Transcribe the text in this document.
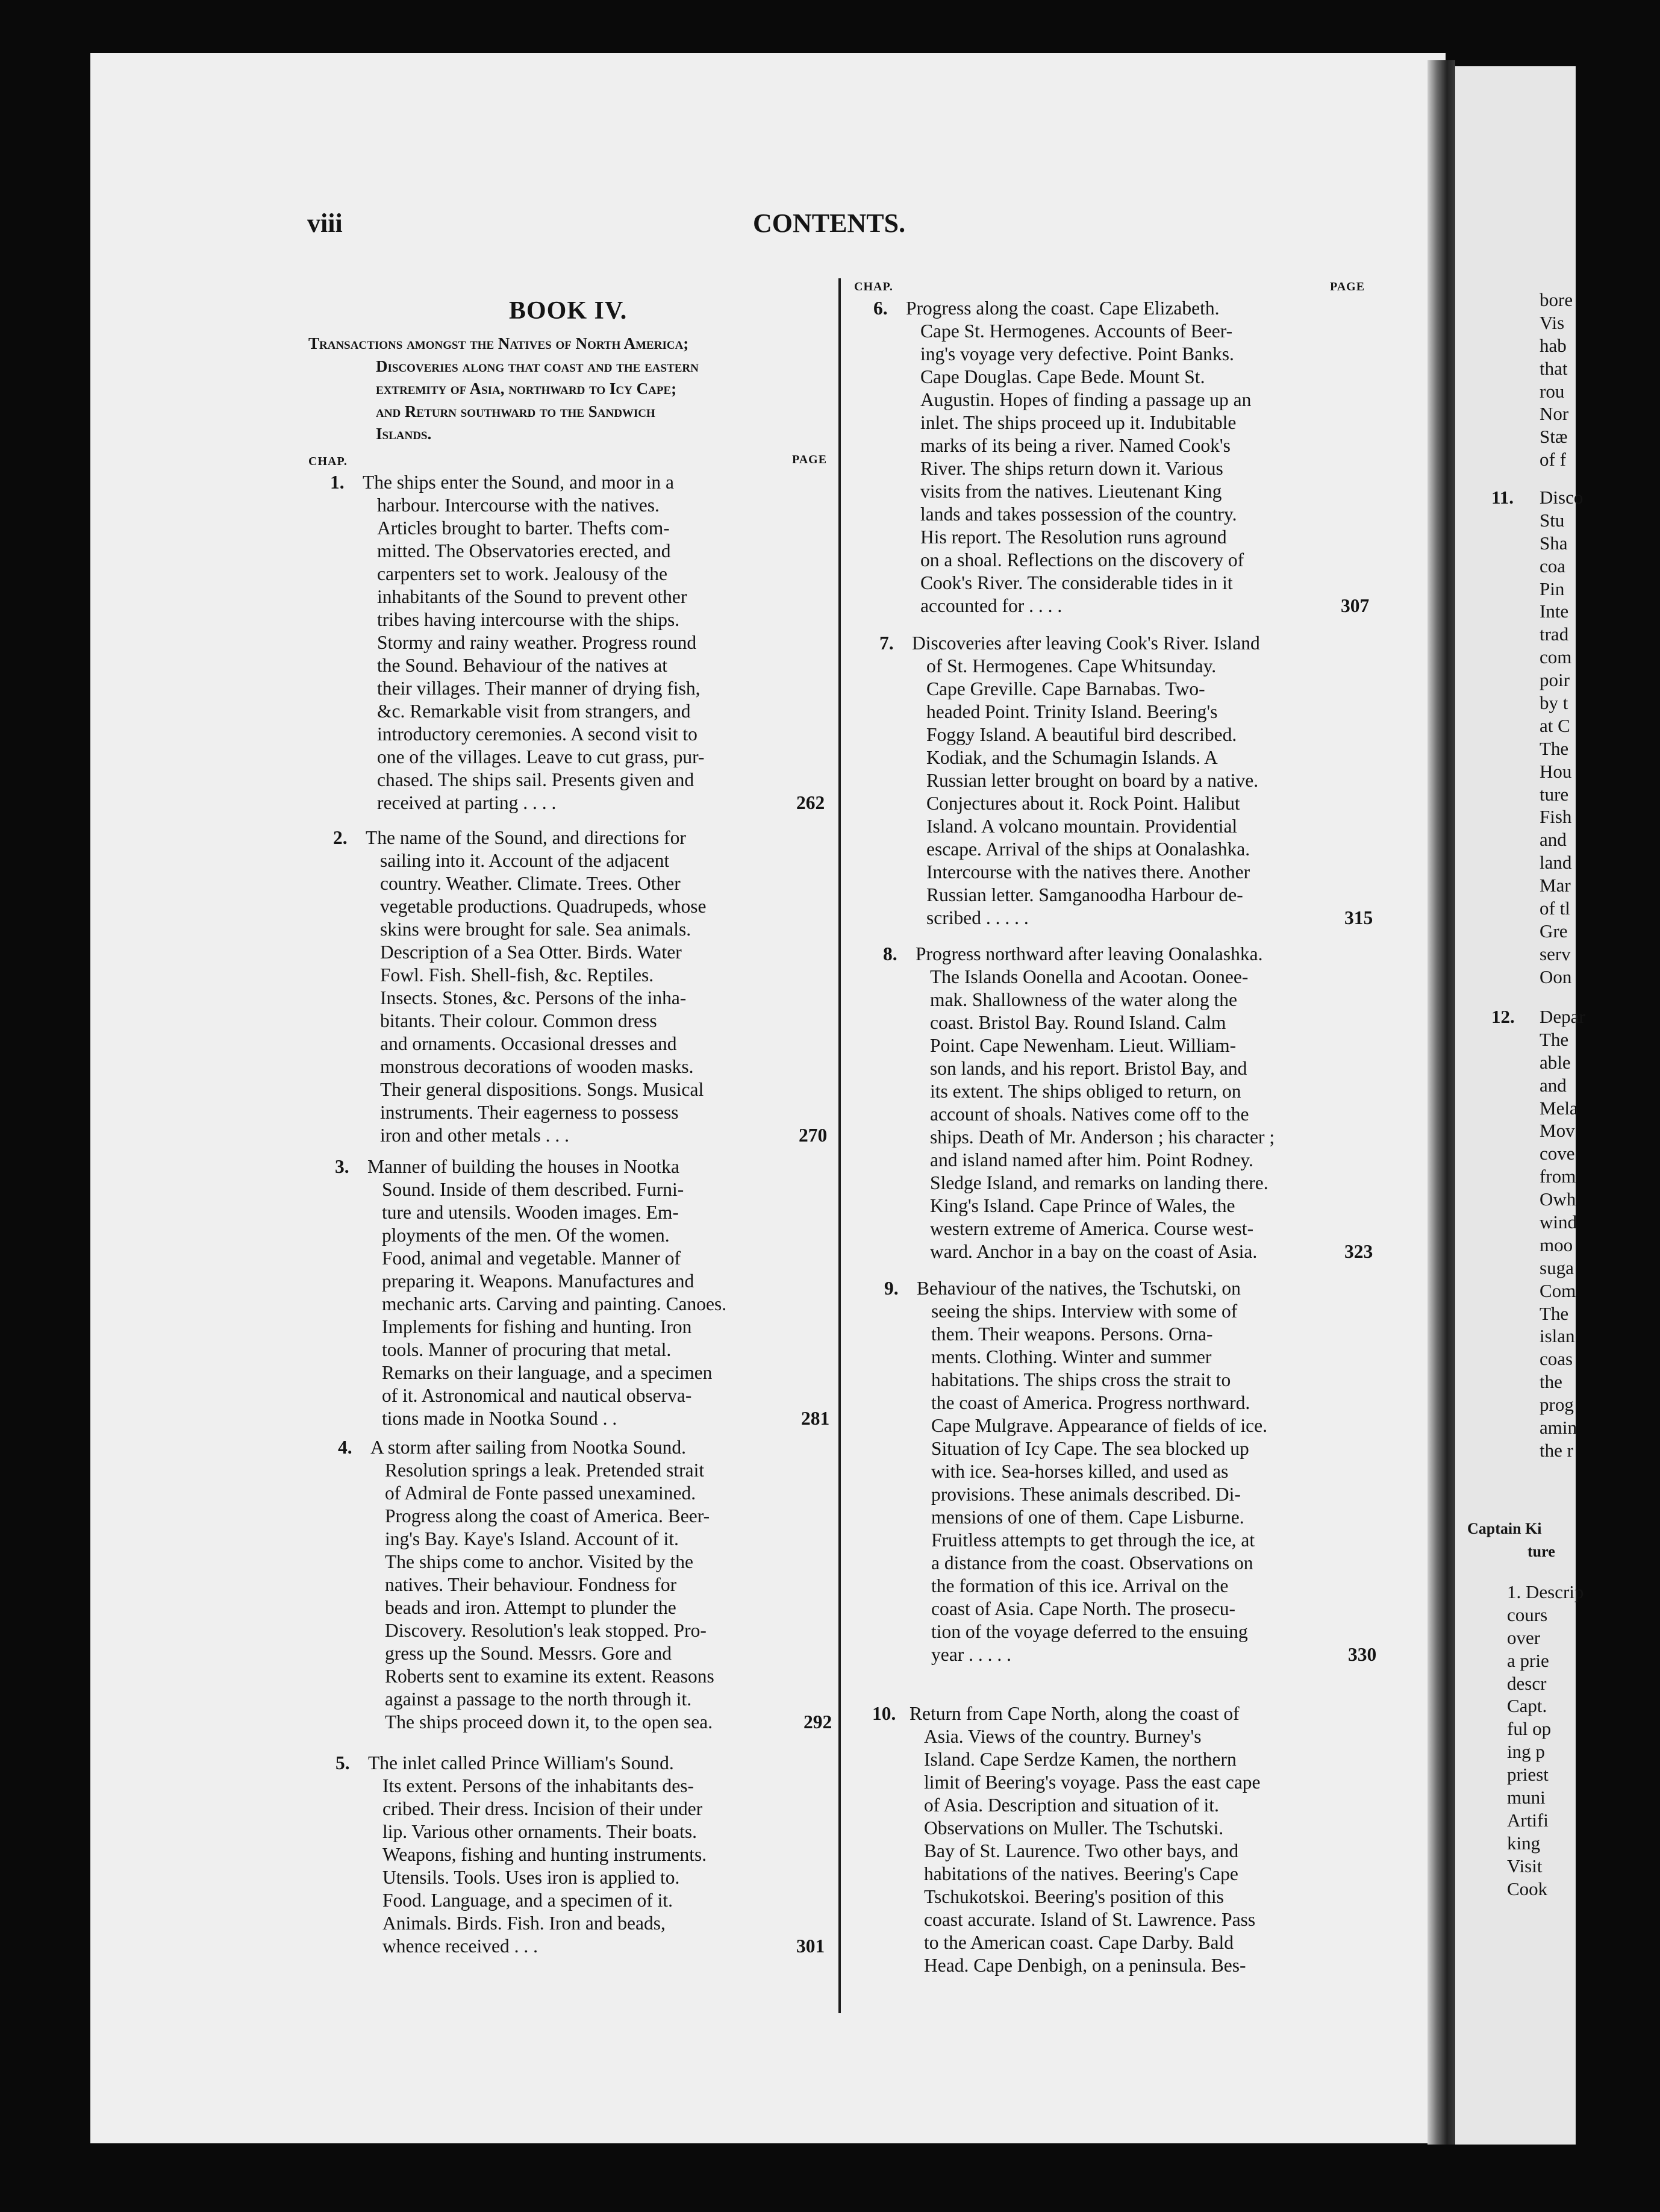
bore
Vis
hab
that
rou
Nor
Stæ
of f
11.	Disco
Stu
Sha
coa
Pin
Inte
trad
com
poir
by t
at C
The
Hou
ture
Fish
and
land
Mar
of tl
Gre
serv
Oon
12.	Depar
The
able
and
Mela
Mov
cove
from
Owh
wind
moo
suga
Com
The
islan
coas
the
prog
amin
the r
Captain Ki
ture
1. Descrip
cours
over
a prie
descr
Capt.
ful op
ing p
priest
muni
Artifi
king
Visit
Cook
viii	CONTENTS.
BOOK IV.
Transactions amongst the Natives of North America;
Discoveries along that coast and the eastern
extremity of Asia, northward to Icy Cape;
and Return southward to the Sandwich
Islands.
CHAP.	PAGE
CHAP.	PAGE
1. The ships enter the Sound, and moor in a
harbour. Intercourse with the natives.
Articles brought to barter. Thefts com-
mitted. The Observatories erected, and
carpenters set to work. Jealousy of the
inhabitants of the Sound to prevent other
tribes having intercourse with the ships.
Stormy and rainy weather. Progress round
the Sound. Behaviour of the natives at
their villages. Their manner of drying fish,
&c. Remarkable visit from strangers, and
introductory ceremonies. A second visit to
one of the villages. Leave to cut grass, pur-
chased. The ships sail. Presents given and
received at parting . . . .	262
2. The name of the Sound, and directions for
sailing into it. Account of the adjacent
country. Weather. Climate. Trees. Other
vegetable productions. Quadrupeds, whose
skins were brought for sale. Sea animals.
Description of a Sea Otter. Birds. Water
Fowl. Fish. Shell-fish, &c. Reptiles.
Insects. Stones, &c. Persons of the inha-
bitants. Their colour. Common dress
and ornaments. Occasional dresses and
monstrous decorations of wooden masks.
Their general dispositions. Songs. Musical
instruments. Their eagerness to possess
iron and other metals . . .	270
3. Manner of building the houses in Nootka
Sound. Inside of them described. Furni-
ture and utensils. Wooden images. Em-
ployments of the men. Of the women.
Food, animal and vegetable. Manner of
preparing it. Weapons. Manufactures and
mechanic arts. Carving and painting. Canoes.
Implements for fishing and hunting. Iron
tools. Manner of procuring that metal.
Remarks on their language, and a specimen
of it. Astronomical and nautical observa-
tions made in Nootka Sound . .	281
4. A storm after sailing from Nootka Sound.
Resolution springs a leak. Pretended strait
of Admiral de Fonte passed unexamined.
Progress along the coast of America. Beer-
ing's Bay. Kaye's Island. Account of it.
The ships come to anchor. Visited by the
natives. Their behaviour. Fondness for
beads and iron. Attempt to plunder the
Discovery. Resolution's leak stopped. Pro-
gress up the Sound. Messrs. Gore and
Roberts sent to examine its extent. Reasons
against a passage to the north through it.
The ships proceed down it, to the open sea.	292
5. The inlet called Prince William's Sound.
Its extent. Persons of the inhabitants des-
cribed. Their dress. Incision of their under
lip. Various other ornaments. Their boats.
Weapons, fishing and hunting instruments.
Utensils. Tools. Uses iron is applied to.
Food. Language, and a specimen of it.
Animals. Birds. Fish. Iron and beads,
whence received . . .	301
6. Progress along the coast. Cape Elizabeth.
Cape St. Hermogenes. Accounts of Beer-
ing's voyage very defective. Point Banks.
Cape Douglas. Cape Bede. Mount St.
Augustin. Hopes of finding a passage up an
inlet. The ships proceed up it. Indubitable
marks of its being a river. Named Cook's
River. The ships return down it. Various
visits from the natives. Lieutenant King
lands and takes possession of the country.
His report. The Resolution runs aground
on a shoal. Reflections on the discovery of
Cook's River. The considerable tides in it
accounted for . . . .	307
7. Discoveries after leaving Cook's River. Island
of St. Hermogenes. Cape Whitsunday.
Cape Greville. Cape Barnabas. Two-
headed Point. Trinity Island. Beering's
Foggy Island. A beautiful bird described.
Kodiak, and the Schumagin Islands. A
Russian letter brought on board by a native.
Conjectures about it. Rock Point. Halibut
Island. A volcano mountain. Providential
escape. Arrival of the ships at Oonalashka.
Intercourse with the natives there. Another
Russian letter. Samganoodha Harbour de-
scribed . . . . .	315
8. Progress northward after leaving Oonalashka.
The Islands Oonella and Acootan. Oonee-
mak. Shallowness of the water along the
coast. Bristol Bay. Round Island. Calm
Point. Cape Newenham. Lieut. William-
son lands, and his report. Bristol Bay, and
its extent. The ships obliged to return, on
account of shoals. Natives come off to the
ships. Death of Mr. Anderson ; his character ;
and island named after him. Point Rodney.
Sledge Island, and remarks on landing there.
King's Island. Cape Prince of Wales, the
western extreme of America. Course west-
ward. Anchor in a bay on the coast of Asia.	323
9. Behaviour of the natives, the Tschutski, on
seeing the ships. Interview with some of
them. Their weapons. Persons. Orna-
ments. Clothing. Winter and summer
habitations. The ships cross the strait to
the coast of America. Progress northward.
Cape Mulgrave. Appearance of fields of ice.
Situation of Icy Cape. The sea blocked up
with ice. Sea-horses killed, and used as
provisions. These animals described. Di-
mensions of one of them. Cape Lisburne.
Fruitless attempts to get through the ice, at
a distance from the coast. Observations on
the formation of this ice. Arrival on the
coast of Asia. Cape North. The prosecu-
tion of the voyage deferred to the ensuing
year . . . . .	330
10. Return from Cape North, along the coast of
Asia. Views of the country. Burney's
Island. Cape Serdze Kamen, the northern
limit of Beering's voyage. Pass the east cape
of Asia. Description and situation of it.
Observations on Muller. The Tschutski.
Bay of St. Laurence. Two other bays, and
habitations of the natives. Beering's Cape
Tschukotskoi. Beering's position of this
coast accurate. Island of St. Lawrence. Pass
to the American coast. Cape Darby. Bald
Head. Cape Denbigh, on a peninsula. Bes-
